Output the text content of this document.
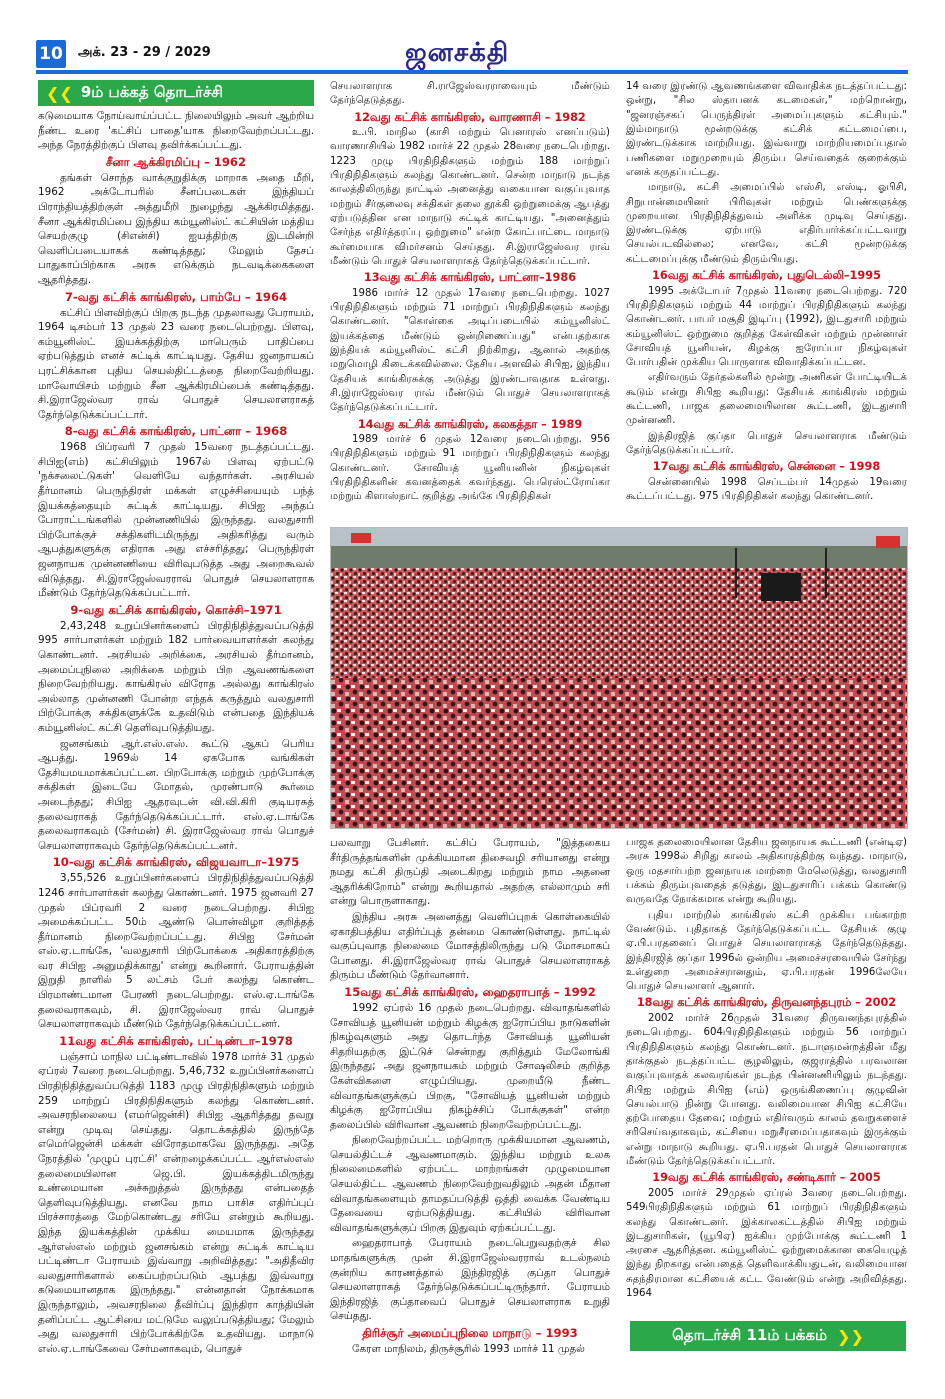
10 அக். 23 - 29 / 2029	ஜனசக்தி
❮❮ 9ம் பக்கத் தொடர்ச்சி

கடுமையாக நோய்வாய்ப்பட்ட நிலையிலும் அவர் ஆற்றிய நீண்ட உரை 'கட்சிப் பாதை'யாக நிறைவேற்றப்பட்டது. அந்த நேரத்திற்குப் பிளவு தவிர்க்கப்பட்டது.

சீனா ஆக்கிரமிப்பு – 1962

தங்கள் சொந்த வாக்குறுதிக்கு மாறாக அதை மீறி, 1962 அக்டோபரில் சீனப்படைகள் இந்தியப் பிராந்தியத்திற்குள் அத்துமீறி நுழைந்து ஆக்கிரமித்தது. சீனா ஆக்கிரமிப்பை இந்திய கம்யூனிஸ்ட் கட்சியின் மத்திய செயற்குழு (சிஎன்சி) ஐயத்திற்கு இடமின்றி வெளிப்படையாகக் கண்டித்தது; மேலும் தேசப் பாதுகாப்பிற்காக அரசு எடுக்கும் நடவடிக்கைகளை ஆதரித்தது.

7-வது கட்சிக் காங்கிரஸ், பாம்பே – 1964

கட்சிப் பிளவிற்குப் பிறகு நடந்த முதலாவது பேராயம், 1964 டிசம்பர் 13 முதல் 23 வரை நடைபெற்றது. பிளவு, கம்யூனிஸ்ட் இயக்கத்திற்கு மாபெரும் பாதிப்பை ஏற்படுத்தும் எனச் சுட்டிக் காட்டியது. தேசிய ஜனநாயகப் புரட்சிக்கான புதிய செயல்திட்டத்தை நிறைவேற்றியது. மாவோயிசம் மற்றும் சீன ஆக்கிரமிப்பைக் கண்டித்தது. சி.இராஜேஸ்வர ராவ் பொதுச் செயலாளராகத் தேர்ந்தெடுக்கப்பட்டார்.

8-வது கட்சிக் காங்கிரஸ், பாட்னா – 1968

1968 பிப்ரவரி 7 முதல் 15வரை நடத்தப்பட்டது. சிபிஐ(எம்) கட்சியிலும் 1967ல் பிளவு ஏற்பட்டு 'நக்சலைட்டுகள்' வெளியே வந்தார்கள். அரசியல் தீர்மானம் பெருந்திரள் மக்கள் எழுச்சியையும் பந்த் இயக்கத்தையும் சுட்டிக் காட்டியது. சிபிஐ அந்தப் போராட்டங்களில் முன்னணியில் இருந்தது. வலதுசாரி பிற்போக்குச் சக்திகளிடமிருந்து அதிகரித்து வரும் ஆபத்துகளுக்கு எதிராக அது எச்சரித்தது; பெருந்திரள் ஜனநாயக முன்னணியை விரிவுபடுத்த அது அறைகூவல் விடுத்தது. சி.இராஜேஸ்வரராவ் பொதுச் செயலாளராக மீண்டும் தேர்ந்தெடுக்கப்பட்டார்.

9-வது கட்சிக் காங்கிரஸ், கொச்சி–1971

2,43,248 உறுப்பினர்களைப் பிரதிநிதித்துவப்படுத்தி 995 சார்பாளர்கள் மற்றும் 182 பார்வையாளர்கள் கலந்து கொண்டனர். அரசியல் அறிக்கை, அரசியல் தீர்மானம், அமைப்புநிலை அறிக்கை மற்றும் பிற ஆவணங்களை நிறைவேற்றியது. காங்கிரஸ் விரோத அல்லது காங்கிரஸ் அல்லாத முன்னணி போன்ற எந்தக் கருத்தும் வலதுசாரி பிற்போக்கு சக்திகளுக்கே உதவிடும் என்பதை இந்தியக் கம்யூனிஸ்ட் கட்சி தெளிவுபடுத்தியது.

ஜனசங்கம் ஆர்.எஸ்.எஸ். கூட்டு ஆகப் பெரிய ஆபத்து. 1969ல் 14 ஏகபோக வங்கிகள் தேசியமயமாக்கப்பட்டன. பிறபோக்கு மற்றும் முற்போக்கு சக்திகள் இடையே மோதல், முரண்பாடு கூர்மை அடைந்தது; சிபிஐ ஆதரவுடன் வி.வி.கிரி குடியரசுத் தலைவராகத் தேர்ந்தெடுக்கப்பட்டார். எஸ்.ஏ.டாங்கே தலைவராகவும் (சேர்மன்) சி. இராஜேஸ்வர ராவ் பொதுச் செயலாளராகவும் தேர்ந்தெடுக்கப்பட்டனர்.

10-வது கட்சிக் காங்கிரஸ், விஜயவாடா–1975

3,55,526 உறுப்பினர்களைப் பிரதிநிதித்துவப்படுத்தி 1246 சார்பாளர்கள் கலந்து கொண்டனர். 1975 ஜனவரி 27 முதல் பிப்ரவரி 2 வரை நடைபெற்றது. சிபிஐ அமைக்கப்பட்ட 50ம் ஆண்டு பொன்விழா குறித்தத் தீர்மானம் நிறைவேற்றப்பட்டது. சிபிஐ சேர்மன் எஸ்.ஏ.டாங்கே, 'வலதுசாரி பிற்போக்கை அதிகாரத்திற்கு வர சிபிஐ அனுமதிக்காது' என்று கூறினார். பேராயத்தின் இறுதி நாளில் 5 லட்சம் பேர் கலந்து கொண்ட பிரமாண்டமான பேரணி நடைபெற்றது. எஸ்.ஏ.டாங்கே தலைவராகவும், சி. இராஜேஸ்வர ராவ் பொதுச் செயலாளராகவும் மீண்டும் தேர்ந்தெடுக்கப்பட்டனர்.

11வது கட்சிக் காங்கிரஸ், பட்டிண்டா–1978

பஞ்சாப் மாநில பட்டிண்டாவில் 1978 மார்ச் 31 முதல் ஏப்ரல் 7வரை நடைபெற்றது. 5,46,732 உறுப்பினர்களைப் பிரதிநிதித்துவப்படுத்தி 1183 முழு பிரதிநிதிகளும் மற்றும் 259 மாற்றுப் பிரதிநிதிகளும் கலந்து கொண்டனர். அவசரநிலையை (எமர்ஜென்சி) சிபிஐ ஆதரித்தது தவறு என்று முடிவு செய்தது. தொடக்கத்தில் இருந்தே எமெர்ஜென்சி மக்கள் விரோதமாகவே இருந்தது. அதே நேரத்தில் 'முழுப் புரட்சி' என்றழைக்கப்பட்ட ஆர்எஸ்எஸ் தலைமையிலான ஜெ.பி. இயக்கத்திடமிருந்து உண்மையான அச்சுறுத்தல் இருந்தது என்பதைத் தெளிவுபடுத்தியது. எனவே நாம பாசிச எதிர்ப்புப் பிரச்சாரத்தை மேற்கொண்டது சரியே என்றும் கூறியது. இந்த இயக்கத்தின் முக்கிய மையமாக இருந்தது ஆர்எஸ்எஸ் மற்றும் ஜனசங்கம் என்று சுட்டிக் காட்டிய பட்டிண்டா பேராயம் இவ்வாறு அறிவித்தது: "அதிதீவிர வலதுசாரிகளால் கைப்பற்றப்படும் ஆபத்து இவ்வாறு கடுமையானதாக இருந்தது." என்னதான் நோக்கமாக இருந்தாலும், அவசரநிலை தீவிர்ப்பு இந்திரா காந்தியின் தனிப்பட்ட ஆட்சியை மட்டுமே வலுப்படுத்தியது; மேலும் அது வலதுசாரி பிற்போக்கிற்கே உதவியது. மாநாடு எஸ்.ஏ.டாங்கேவை சேர்மனாகவும், பொதுச்

செயலாளராக சி.ராஜேஸ்வரராவையும் மீண்டும் தேர்ந்தெடுத்தது.

12வது கட்சிக் காங்கிரஸ், வாரணாசி – 1982

உ.பி. மாநில (காசி மற்றும் பெனாரஸ் எனப்படும்) வாரணாசியில் 1982 மார்ச் 22 முதல் 28வரை நடைபெற்றது. 1223 முழு பிரதிநிதிகளும் மற்றும் 188 மாற்றுப் பிரதிநிதிகளும் கலந்து கொண்டனர். சென்ற மாநாடு நடந்த காலத்திலிருந்து நாட்டில் அனைத்து வகையான வகுப்புவாத மற்றும் சீர்குலைவு சக்திகள் தலை தூக்கி ஒற்றுமைக்கு ஆபத்து ஏற்படுத்தின என மாநாடு சுட்டிக் காட்டியது. "அனைத்தும் சேர்ந்த எதிர்த்தரப்பு ஒற்றுமை" என்ற கோட்பாட்டை மாநாடு கூர்மையாக விமர்சனம் செய்தது. சி.இராஜேஸ்வர ராவ் மீண்டும் பொதுச் செயலாளராகத் தேர்ந்தெடுக்கப்பட்டார்.

13வது கட்சிக் காங்கிரஸ், பாட்னா–1986

1986 மார்ச் 12 முதல் 17வரை நடைபெற்றது. 1027 பிரதிநிதிகளும் மற்றும் 71 மாற்றுப் பிரதிநிதிகளும் கலந்து கொண்டனர். "கொள்கை அடிப்படையில் கம்யூனிஸ்ட் இயக்கத்தை மீண்டும் ஒன்றிணைப்பது" என்பதற்காக இந்தியக் கம்யூனிஸ்ட் கட்சி நிற்கிறது, ஆனால் அதற்கு மறுமொழி கிடைக்கவில்லை. தேசிய அளவில் சிபிஐ, இந்திய தேசியக் காங்கிரசுக்கு அடுத்து இரண்டாவதாக உள்ளது. சி.இராஜேஸ்வர ராவ் மீண்டும் பொதுச் செயலாளராகத் தேர்ந்தெடுக்கப்பட்டார்.

14வது கட்சிக் காங்கிரஸ், கலகத்தா – 1989

1989 மார்ச் 6 முதல் 12வரை நடைபெற்றது. 956 பிரதிநிதிகளும் மற்றும் 91 மாற்றுப் பிரதிநிதிகளும் கலந்து கொண்டனர். சோவியத் யூனியனின் நிகழ்வுகள் பிரதிநிதிகளின் கவனத்தைக் கவர்ந்தது. பெரெஸ்ட்ரோய்கா மற்றும் கிளாஸ்நாட் குறித்து அங்கே பிரதிநிதிகள்

14 வரை இரண்டு ஆவணங்களை விவாதிக்க நடத்தப்பட்டது: ஒன்று, "சில ஸ்தாபனக் கடமைகள்," மற்றொன்று, "ஜனரஞ்சகப் பெருந்திரள் அமைப்புகளும் கட்சியும்." இம்மாநாடு மூன்றடுக்கு கட்சிக் கட்டமைப்பை, இரண்டடுக்காக மாற்றியது. இவ்வாறு மாற்றியமைப்பதால் பணிகளை மறுமுறையும் திரும்ப செய்வதைக் குறைக்கும் எனக் கருதப்பட்டது.

மாநாடு, கட்சி அமைப்பில் எஸ்சி, எஸ்டி, ஓபிசி, சிறுபான்மையினர் பிரிவுகள் மற்றும் பெண்களுக்கு முறையான பிரதிநிதித்துவம் அளிக்க முடிவு செய்தது. இரண்டடுக்கு ஏற்பாடு எதிர்பார்க்கப்பட்டவாறு செயல்படவில்லை; எனவே, கட்சி மூன்றடுக்கு கட்டமைப்புக்கு மீண்டும் திரும்பியது.

16வது கட்சிக் காங்கிரஸ், புதுடெல்லி–1995

1995 அக்டோபர் 7முதல் 11வரை நடைபெற்றது. 720 பிரதிநிதிகளும் மற்றும் 44 மாற்றுப் பிரதிநிதிகளும் கலந்து கொண்டனர். பாபர் மசூதி இடிப்பு (1992), இடதுசாரி மற்றும் கம்யூனிஸ்ட் ஒற்றுமை குறித்த கேள்விகள் மற்றும் முன்னாள் சோவியத் யூனியன், கிழக்கு ஐரோப்பா நிகழ்வுகள் போர்பதின் முக்கிய பொருளாக விவாதிக்கப்பட்டன.

எதிர்வரும் தேர்தல்களில் மூன்று அணிகள் போட்டியிடக் கூடும் என்று சிபிஐ கூறியது: தேசியக் காங்கிரஸ் மற்றும் கூட்டணி, பாஜக தலைமையிலான கூட்டணி, இடதுசாரி முன்னணி.

இந்திரஜித் குப்தா பொதுச் செயலாளராக மீண்டும் தேர்ந்தெடுக்கப்பட்டார்.

17வது கட்சிக் காங்கிரஸ், சென்னை – 1998

சென்னையில் 1998 செப்டம்பர் 14முதல் 19வரை கூட்டப்பட்டது. 975 பிரதிநிதிகள் கலந்து கொண்டனர்.

பலவாறு பேசினர். கட்சிப் பேராயம், "இத்தகைய சீர்திருத்தங்களின் முக்கியமான திசைவழி சரியானது என்று நமது கட்சி திருப்தி அடைகிறது மற்றும் நாம அதனை ஆதரிக்கிறோம்" என்று கூறியதால் அதற்கு எல்லாமும் சரி என்று பொருளாகாது.

இந்திய அரசு அனைத்து வெளிப்புறக் கொள்கையில் ஏகாதிபத்திய எதிர்ப்புத் தன்மை கொண்டுள்ளது. நாட்டில் வகுப்புவாத நிலைமை மோசத்திலிருந்து படு மோசமாகப் போனது. சி.இராஜேஸ்வர ராவ் பொதுச் செயலாளராகத் திரும்ப மீண்டும் தேர்வானார்.

15வது கட்சிக் காங்கிரஸ், ஹைதராபாத் – 1992

1992 ஏப்ரல் 16 முதல் நடைபெற்றது. விவாதங்களில் சோவியத் யூனியன் மற்றும் கிழக்கு ஐரோப்பிய நாடுகளின் நிகழ்வுகளும் அது தொடர்ந்த சோவியத் யூனியன் சிதறியதற்கு இட்டுச் சென்றது குறித்தும் மேலோங்கி இருந்தது; அது ஜனநாயகம் மற்றும் சோஷலிசம் குறித்த கேள்விகளை எழுப்பியது. முறையீடு நீண்ட விவாதங்களுக்குப் பிறகு, "சோவியத் யூனியன் மற்றும் கிழக்கு ஐரோப்பிய நிகழ்ச்சிப் போக்குகள்" என்ற தலைப்பில் விரிவான ஆவணம் நிறைவேற்றப்பட்டது.

நிறைவேற்றப்பட்ட மற்றொரு முக்கியமான ஆவணம், செயல்திட்டச் ஆவணமாகும். இந்திய மற்றும் உலக நிலைமைகளில் ஏற்பட்ட மாற்றங்கள் முழுமையான செயல்திட்ட ஆவணம் நிறைவேற்றுவதிலும் அதன் மீதான விவாதங்களையும் தாமதப்படுத்தி ஒத்தி வைக்க வேண்டிய தேவையை ஏற்படுத்தியது. கட்சியில் விரிவான விவாதங்களுக்குப் பிறகு இதுவும் ஏற்கப்பட்டது.

ஹைதராபாத் பேராயம் நடைபெறுவதற்குச் சில மாதங்களுக்கு முன் சி.இராஜேஸ்வரராவ் உடல்நலம் குன்றிய காரணத்தால் இந்திரஜித் குப்தா பொதுச் செயலாளராகத் தேர்ந்தெடுக்கப்பட்டிருந்தார். பேராயம் இந்திரஜித் குப்தாவைப் பொதுச் செயலாளராக உறுதி செய்தது.

திரிச்சூர் அமைப்புநிலை மாநாடு – 1993

கேரள மாநிலம், திருச்சூரில் 1993 மார்ச் 11 முதல்

பாஜக தலைமையிலான தேசிய ஜனநாயக கூட்டணி (என்டிஏ) அரசு 1998ல் சிறிது காலம் அதிகாரத்திற்கு வந்தது. மாநாடு, ஒரு மதசார்பற்ற ஜனநாயக மாற்றை மேலெடுத்து, வலதுசாரி பக்கம் திரும்புவதைத் தடுத்து, இடதுசாரிப் பக்கம் கொண்டு வருவதே நோக்கமாக என்று கூறியது.

புதிய மாற்றில் காங்கிரஸ் கட்சி முக்கிய பங்காற்ற வேண்டும். புதிதாகத் தேர்ந்தெடுக்கப்பட்ட தேசியக் குழு ஏ.பி.பரதனைப் பொதுச் செயலாளராகத் தேர்ந்தெடுத்தது. இந்திரஜித் குப்தா 1996ல் ஒன்றிய அமைச்சரவையில் சேர்ந்து உள்துறை அமைச்சரானதும், ஏ.பி.பரதன் 1996லேயே பொதுச் செயலாளர் ஆனார்.

18வது கட்சிக் காங்கிரஸ், திருவனந்தபுரம் – 2002

2002 மார்ச் 26முதல் 31வரை திருவனந்தபுரத்தில் நடைபெற்றது. 604பிரதிநிதிகளும் மற்றும் 56 மாற்றுப் பிரதிநிதிகளும் கலந்து கொண்டனர். நடாளுமன்றத்தின் மீது தாக்குதல் நடத்தப்பட்ட சூழலிலும், குஜராத்தில் பரவலான வகுப்புவாதக் கலவரங்கள் நடந்த பின்னணியிலும் நடந்தது. சிபிஐ மற்றும் சிபிஐ (எம்) ஒருங்கிணைப்பு குழுவின் செயல்பாடு நின்று போனது. வலிமையான சிபிஐ கட்சியே தற்போதைய தேவை; மற்றும் எதிர்வரும் காலம் தவறுகளைச் சரிசெய்வதாகவும், கட்சியை மறுசீரமைப்பதாகவும் இருக்கும் என்று மாநாடு கூறியது. ஏ.பி.பரதன் பொதுச் செயலாளராக மீண்டும் தேர்ந்தெடுக்கப்பட்டார்.

19வது கட்சிக் காங்கிரஸ், சண்டிகார் – 2005

2005 மார்ச் 29முதல் ஏப்ரல் 3வரை நடைபெற்றது. 549பிரதிநிதிகளும் மற்றும் 61 மாற்றுப் பிரதிநிதிகளும் கலந்து கொண்டனர். இக்காலகட்டத்தில் சிபிஐ மற்றும் இடதுசாரிகள், (யூபிஏ) ஐக்கிய முற்போக்கு கூட்டணி 1 அரசை ஆதரித்தன. கம்யூனிஸ்ட் ஒற்றுமைக்கான கையெழுத் இந்து நிறகாது என்பதைத் தெளிவாக்கியதுடன், வலிமையான சுதந்திரமான கட்சியைக் கட்ட வேண்டும் என்று அறிவித்தது. 1964

தொடர்ச்சி 11ம் பக்கம் ❯❯
